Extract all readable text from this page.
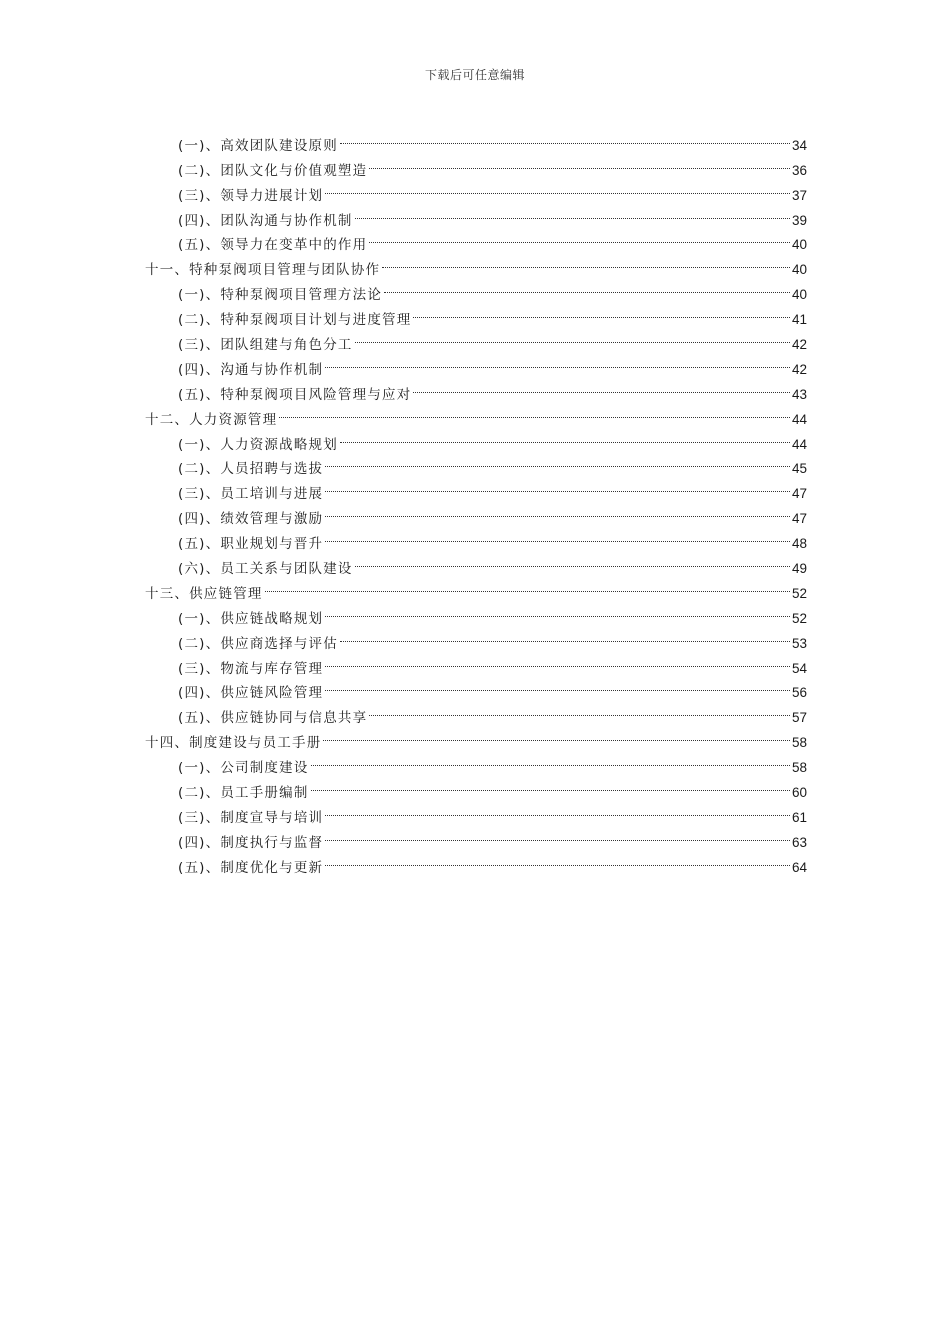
下载后可任意编辑
(一)、高效团队建设原则	34
(二)、团队文化与价值观塑造	36
(三)、领导力进展计划	37
(四)、团队沟通与协作机制	39
(五)、领导力在变革中的作用	40
十一、特种泵阀项目管理与团队协作	40
(一)、特种泵阀项目管理方法论	40
(二)、特种泵阀项目计划与进度管理	41
(三)、团队组建与角色分工	42
(四)、沟通与协作机制	42
(五)、特种泵阀项目风险管理与应对	43
十二、人力资源管理	44
(一)、人力资源战略规划	44
(二)、人员招聘与选拔	45
(三)、员工培训与进展	47
(四)、绩效管理与激励	47
(五)、职业规划与晋升	48
(六)、员工关系与团队建设	49
十三、供应链管理	52
(一)、供应链战略规划	52
(二)、供应商选择与评估	53
(三)、物流与库存管理	54
(四)、供应链风险管理	56
(五)、供应链协同与信息共享	57
十四、制度建设与员工手册	58
(一)、公司制度建设	58
(二)、员工手册编制	60
(三)、制度宣导与培训	61
(四)、制度执行与监督	63
(五)、制度优化与更新	64
